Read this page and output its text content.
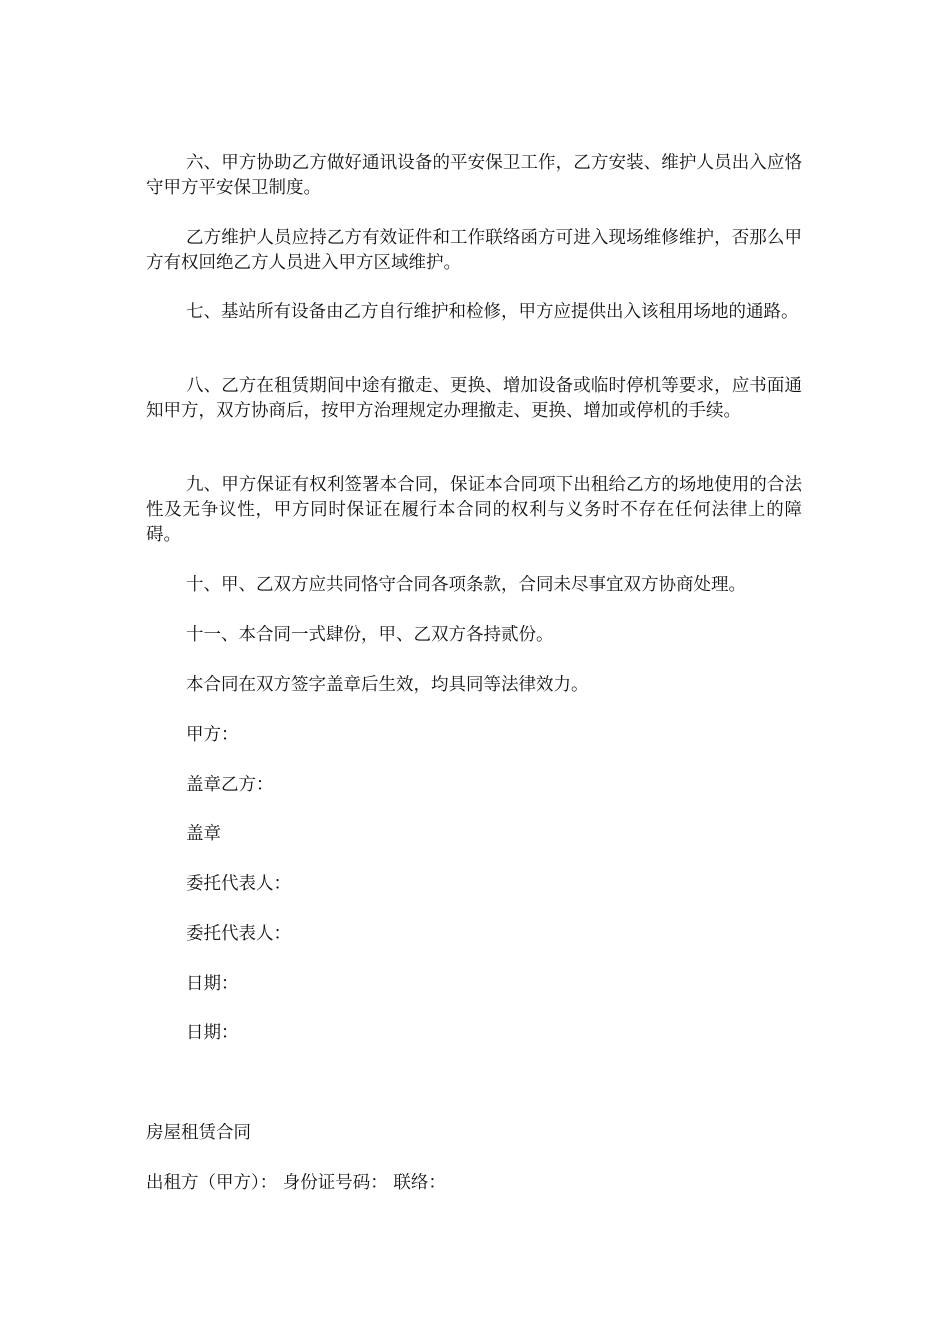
六、甲方协助乙方做好通讯设备的平安保卫工作，乙方安装、维护人员出入应恪守甲方平安保卫制度。

乙方维护人员应持乙方有效证件和工作联络函方可进入现场维修维护，否那么甲方有权回绝乙方人员进入甲方区域维护。

七、基站所有设备由乙方自行维护和检修，甲方应提供出入该租用场地的通路。

八、乙方在租赁期间中途有撤走、更换、增加设备或临时停机等要求，应书面通知甲方，双方协商后，按甲方治理规定办理撤走、更换、增加或停机的手续。

九、甲方保证有权利签署本合同，保证本合同项下出租给乙方的场地使用的合法性及无争议性，甲方同时保证在履行本合同的权利与义务时不存在任何法律上的障碍。

十、甲、乙双方应共同恪守合同各项条款，合同未尽事宜双方协商处理。

十一、本合同一式肆份，甲、乙双方各持贰份。

本合同在双方签字盖章后生效，均具同等法律效力。

甲方：

盖章乙方：

盖章

委托代表人：

委托代表人：

日期：

日期：

房屋租赁合同

出租方（甲方）： 身份证号码： 联络：
